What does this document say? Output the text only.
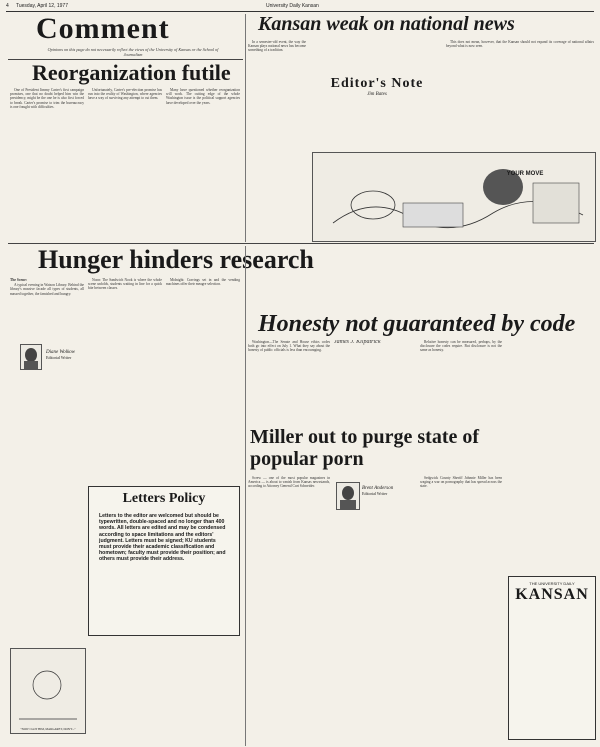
4 Tuesday, April 12, 1977	University Daily Kansan
Comment
Opinions on this page do not necessarily reflect the views of the University of Kansas or the School of Journalism
Reorganization futile

One of President Jimmy Carter's first campaign promises, one that no doubt helped him win the presidency, might be the one he is also first forced to break. Carter's promise to trim the bureaucracy is one fraught with difficulties.

Unfortunately, Carter's pre-election promise has run into the reality of Washington, where agencies have a way of surviving any attempt to cut them.

Many have questioned whether reorganization will work. The cutting edge of the whole Washington issue is the political support agencies have developed over the years.

Kansan weak on national news

In a semester-old event, the way the Kansan plays national news has become something of a tradition.

Editor's Note
Jim Bates

This does not mean, however, that the Kansan should not expand its coverage of national affairs beyond what is now seen.

YOUR MOVE
Hunger hinders research

The Scene:

A typical evening in Watson Library. Behind the library's massive facade all types of students, all massed together, the famished and hungry.

Noon: The Sandwich Nook is where the whole scene unfolds, students waiting in line for a quick bite between classes.

Midnight: Cravings set in and the vending machines offer their meagre selection.

Diane Wolkow
Editorial Writer
Letters Policy
Letters to the editor are welcomed but should be typewritten, double-spaced and no longer than 400 words. All letters are edited and may be condensed according to space limitations and the editors' judgment. Letters must be signed; KU students must provide their academic classification and hometown; faculty must provide their position; and others must provide their address.
"NOW I GOT HIM, MARGARET, DON'T..."
Honesty not guaranteed by code

Washington—The Senate and House ethics codes both go into effect on July 1. What they say about the honesty of public officials is less than encouraging.

James J. Kilpatrick	Relative honesty can be measured, perhaps, by the disclosure the codes require. But disclosure is not the same as honesty.

Miller out to purge state of popular porn

Screw — one of the most popular magazines in America — is about to vanish from Kansas newsstands, according to Attorney General Curt Schneider.	Brent Anderson
Editorial Writer

Sedgwick County Sheriff Johnnie Miller has been waging a war on pornography that has spread across the state.

THE UNIVERSITY DAILY
KANSAN
